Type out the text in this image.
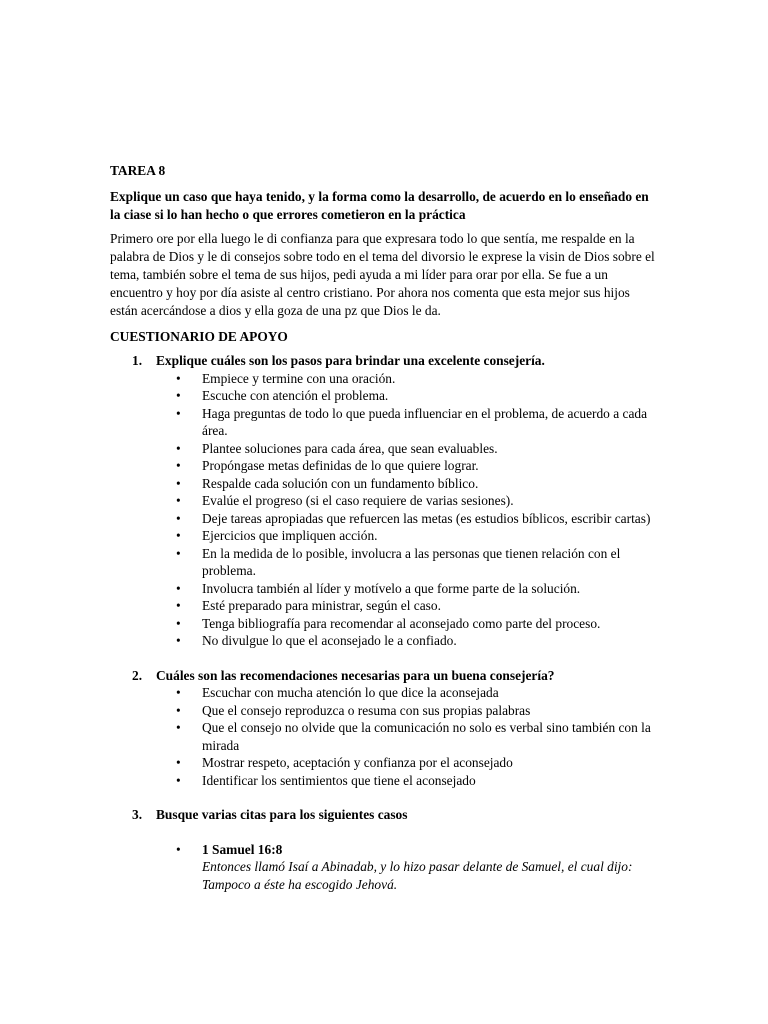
TAREA 8
Explique un caso que haya tenido, y la forma como la desarrollo, de acuerdo en lo enseñado en la ciase si lo han hecho o que errores cometieron en la práctica
Primero ore por ella luego le di confianza para que expresara todo lo que sentía, me respalde en la palabra de Dios y le di consejos sobre todo en el tema del divorsio le exprese la visin de Dios sobre el tema, también sobre el tema de sus hijos, pedi ayuda a mi líder para orar por ella. Se fue a un encuentro y hoy por día asiste al centro cristiano. Por ahora nos comenta que esta mejor sus hijos están acercándose a dios y ella goza de una pz que Dios le da.
CUESTIONARIO DE APOYO
1. Explique cuáles son los pasos para brindar una excelente consejería.
• Empiece y termine con una oración.
• Escuche con atención el problema.
• Haga preguntas de todo lo que pueda influenciar en el problema, de acuerdo a cada área.
• Plantee soluciones para cada área, que sean evaluables.
• Propóngase metas definidas de lo que quiere lograr.
• Respalde cada solución con un fundamento bíblico.
• Evalúe el progreso (si el caso requiere de varias sesiones).
• Deje tareas apropiadas que refuercen las metas (es estudios bíblicos, escribir cartas)
• Ejercicios que impliquen acción.
• En la medida de lo posible, involucra a las personas que tienen relación con el problema.
• Involucra también al líder y motívelo a que forme parte de la solución.
• Esté preparado para ministrar, según el caso.
• Tenga bibliografía para recomendar al aconsejado como parte del proceso.
• No divulgue lo que el aconsejado le a confiado.
2. Cuáles son las recomendaciones necesarias para un buena consejería?
• Escuchar con mucha atención lo que dice la aconsejada
• Que el consejo reproduzca o resuma con sus propias palabras
• Que el consejo no olvide que la comunicación no solo es verbal sino también con la mirada
• Mostrar respeto, aceptación y confianza por el aconsejado
• Identificar los sentimientos que tiene el aconsejado
3. Busque varias citas para los siguientes casos
• 1 Samuel 16:8
Entonces llamó Isaí a Abinadab, y lo hizo pasar delante de Samuel, el cual dijo: Tampoco a éste ha escogido Jehová.
